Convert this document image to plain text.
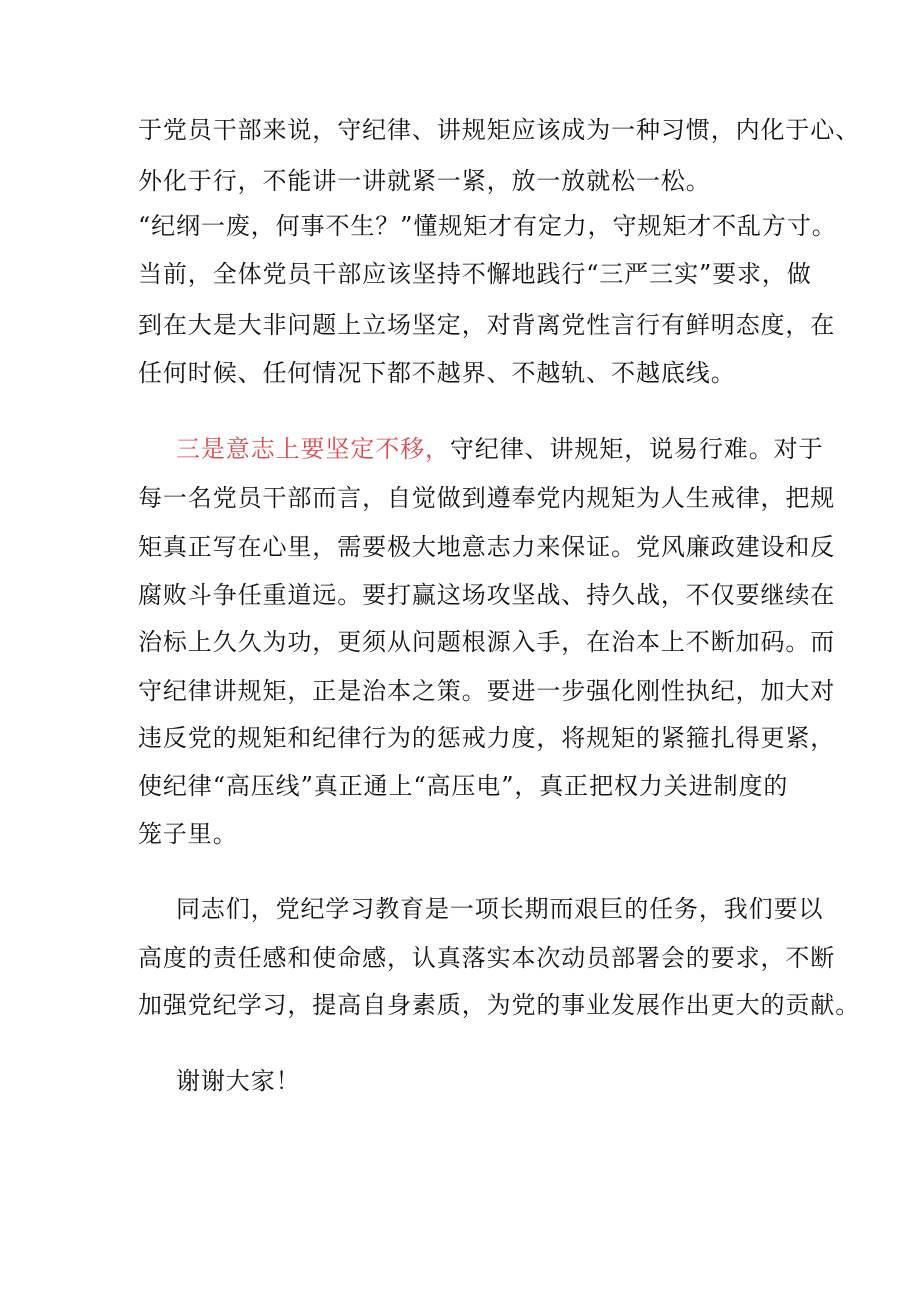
于党员干部来说，守纪律、讲规矩应该成为一种习惯，内化于心、
外化于行，不能讲一讲就紧一紧，放一放就松一松。
“纪纲一废，何事不生？”懂规矩才有定力，守规矩才不乱方寸。
当前，全体党员干部应该坚持不懈地践行“三严三实”要求，做
到在大是大非问题上立场坚定，对背离党性言行有鲜明态度，在
任何时候、任何情况下都不越界、不越轨、不越底线。
三是意志上要坚定不移，守纪律、讲规矩，说易行难。对于
每一名党员干部而言，自觉做到遵奉党内规矩为人生戒律，把规
矩真正写在心里，需要极大地意志力来保证。党风廉政建设和反
腐败斗争任重道远。要打赢这场攻坚战、持久战，不仅要继续在
治标上久久为功，更须从问题根源入手，在治本上不断加码。而
守纪律讲规矩，正是治本之策。要进一步强化刚性执纪，加大对
违反党的规矩和纪律行为的惩戒力度，将规矩的紧箍扎得更紧，
使纪律“高压线”真正通上“高压电”，真正把权力关进制度的
笼子里。
同志们，党纪学习教育是一项长期而艰巨的任务，我们要以
高度的责任感和使命感，认真落实本次动员部署会的要求，不断
加强党纪学习，提高自身素质，为党的事业发展作出更大的贡献。
谢谢大家！
